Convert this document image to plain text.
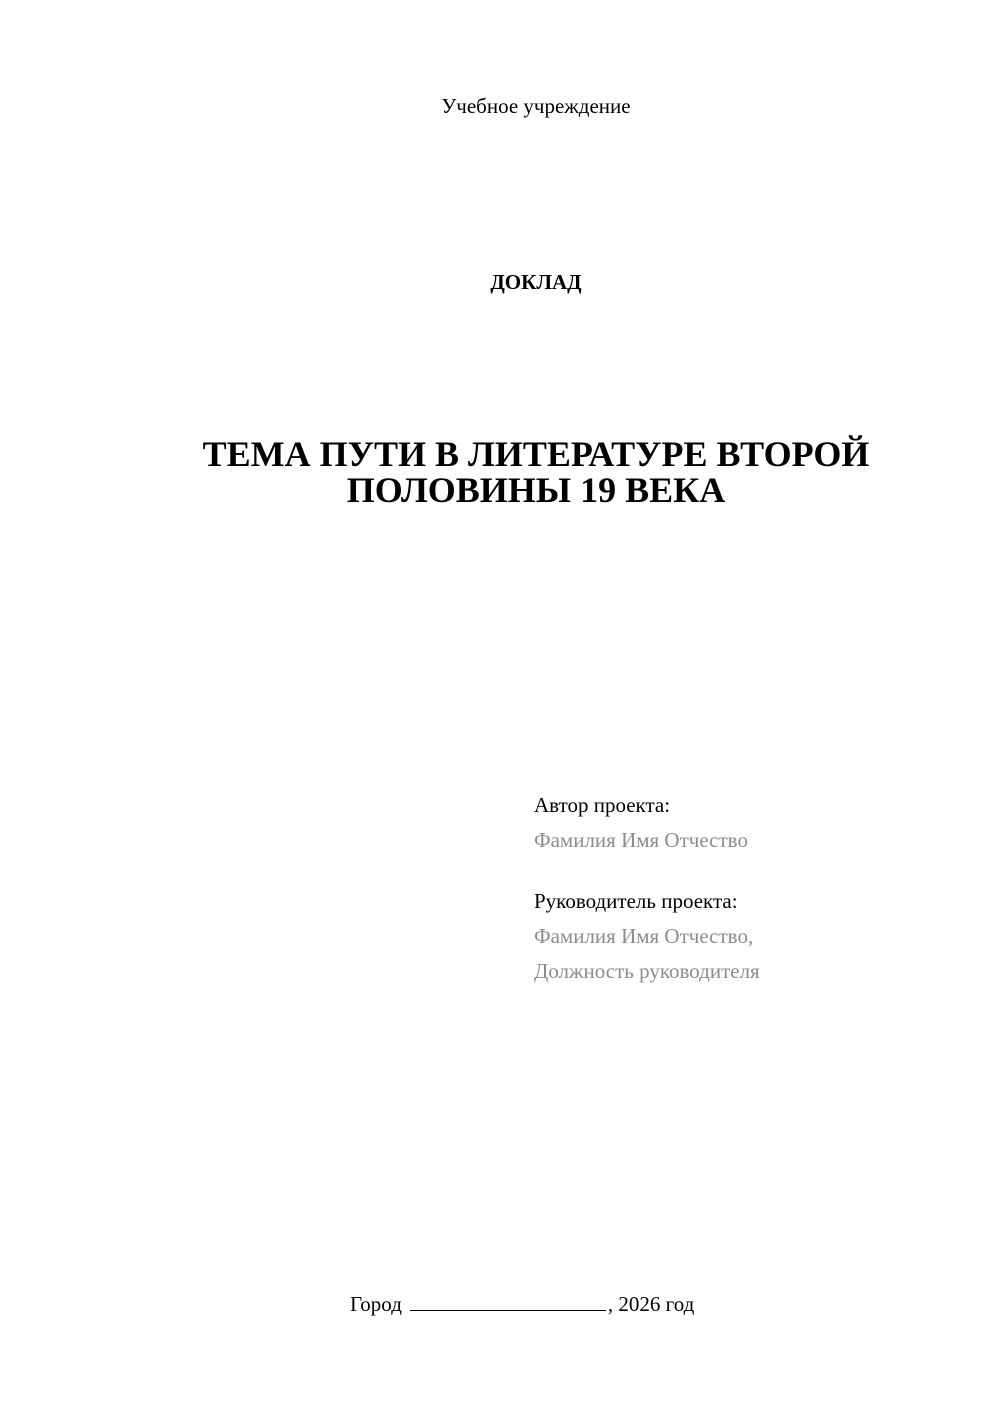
Учебное учреждение
ДОКЛАД
ТЕМА ПУТИ В ЛИТЕРАТУРЕ ВТОРОЙ
ПОЛОВИНЫ 19 ВЕКА
Автор проекта:
Фамилия Имя Отчество
Руководитель проекта:
Фамилия Имя Отчество,
Должность руководителя
Город	, 2026 год
